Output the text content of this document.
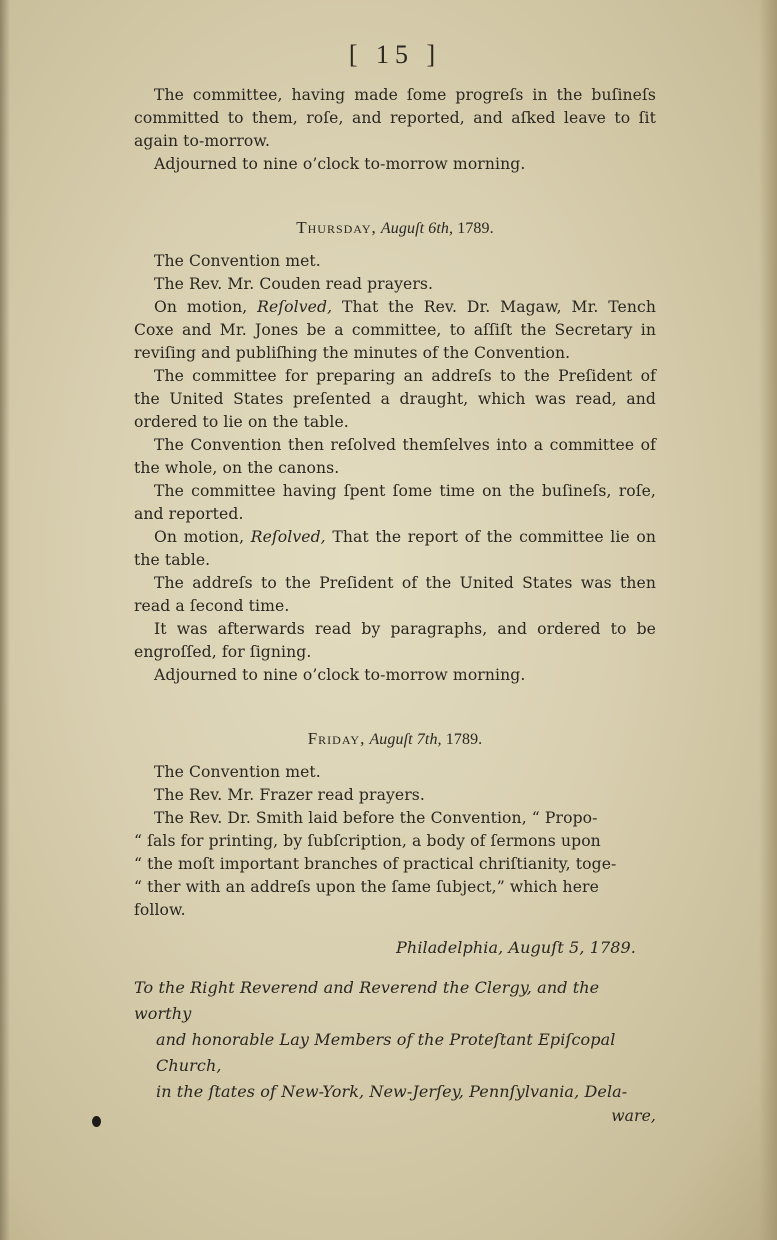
[ 15 ]

The committee, having made ſome progreſs in the buſineſs committed to them, roſe, and reported, and aſked leave to ſit again to-morrow.

Adjourned to nine o’clock to-morrow morning.

Thursday, Auguſt 6th, 1789.

The Convention met.

The Rev. Mr. Couden read prayers.

On motion, Reſolved, That the Rev. Dr. Magaw, Mr. Tench Coxe and Mr. Jones be a committee, to aſſiſt the Secretary in reviſing and publiſhing the minutes of the Convention.

The committee for preparing an addreſs to the Preſident of the United States preſented a draught, which was read, and ordered to lie on the table.

The Convention then reſolved themſelves into a committee of the whole, on the canons.

The committee having ſpent ſome time on the buſineſs, roſe, and reported.

On motion, Reſolved, That the report of the committee lie on the table.

The addreſs to the Preſident of the United States was then read a ſecond time.

It was afterwards read by paragraphs, and ordered to be engroſſed, for ſigning.

Adjourned to nine o’clock to-morrow morning.

Friday, Auguſt 7th, 1789.

The Convention met.

The Rev. Mr. Frazer read prayers.

The Rev. Dr. Smith laid before the Convention, “ Propo-

“ ſals for printing, by ſubſcription, a body of ſermons upon

“ the moſt important branches of practical chriſtianity, toge-

“ ther with an addreſs upon the ſame ſubject,” which here

follow.

Philadelphia, Auguſt 5, 1789.

To the Right Reverend and Reverend the Clergy, and the worthy
and honorable Lay Members of the Proteſtant Epiſcopal Church,
in the ſtates of New-York, New-Jerſey, Pennſylvania, Dela-

ware,
